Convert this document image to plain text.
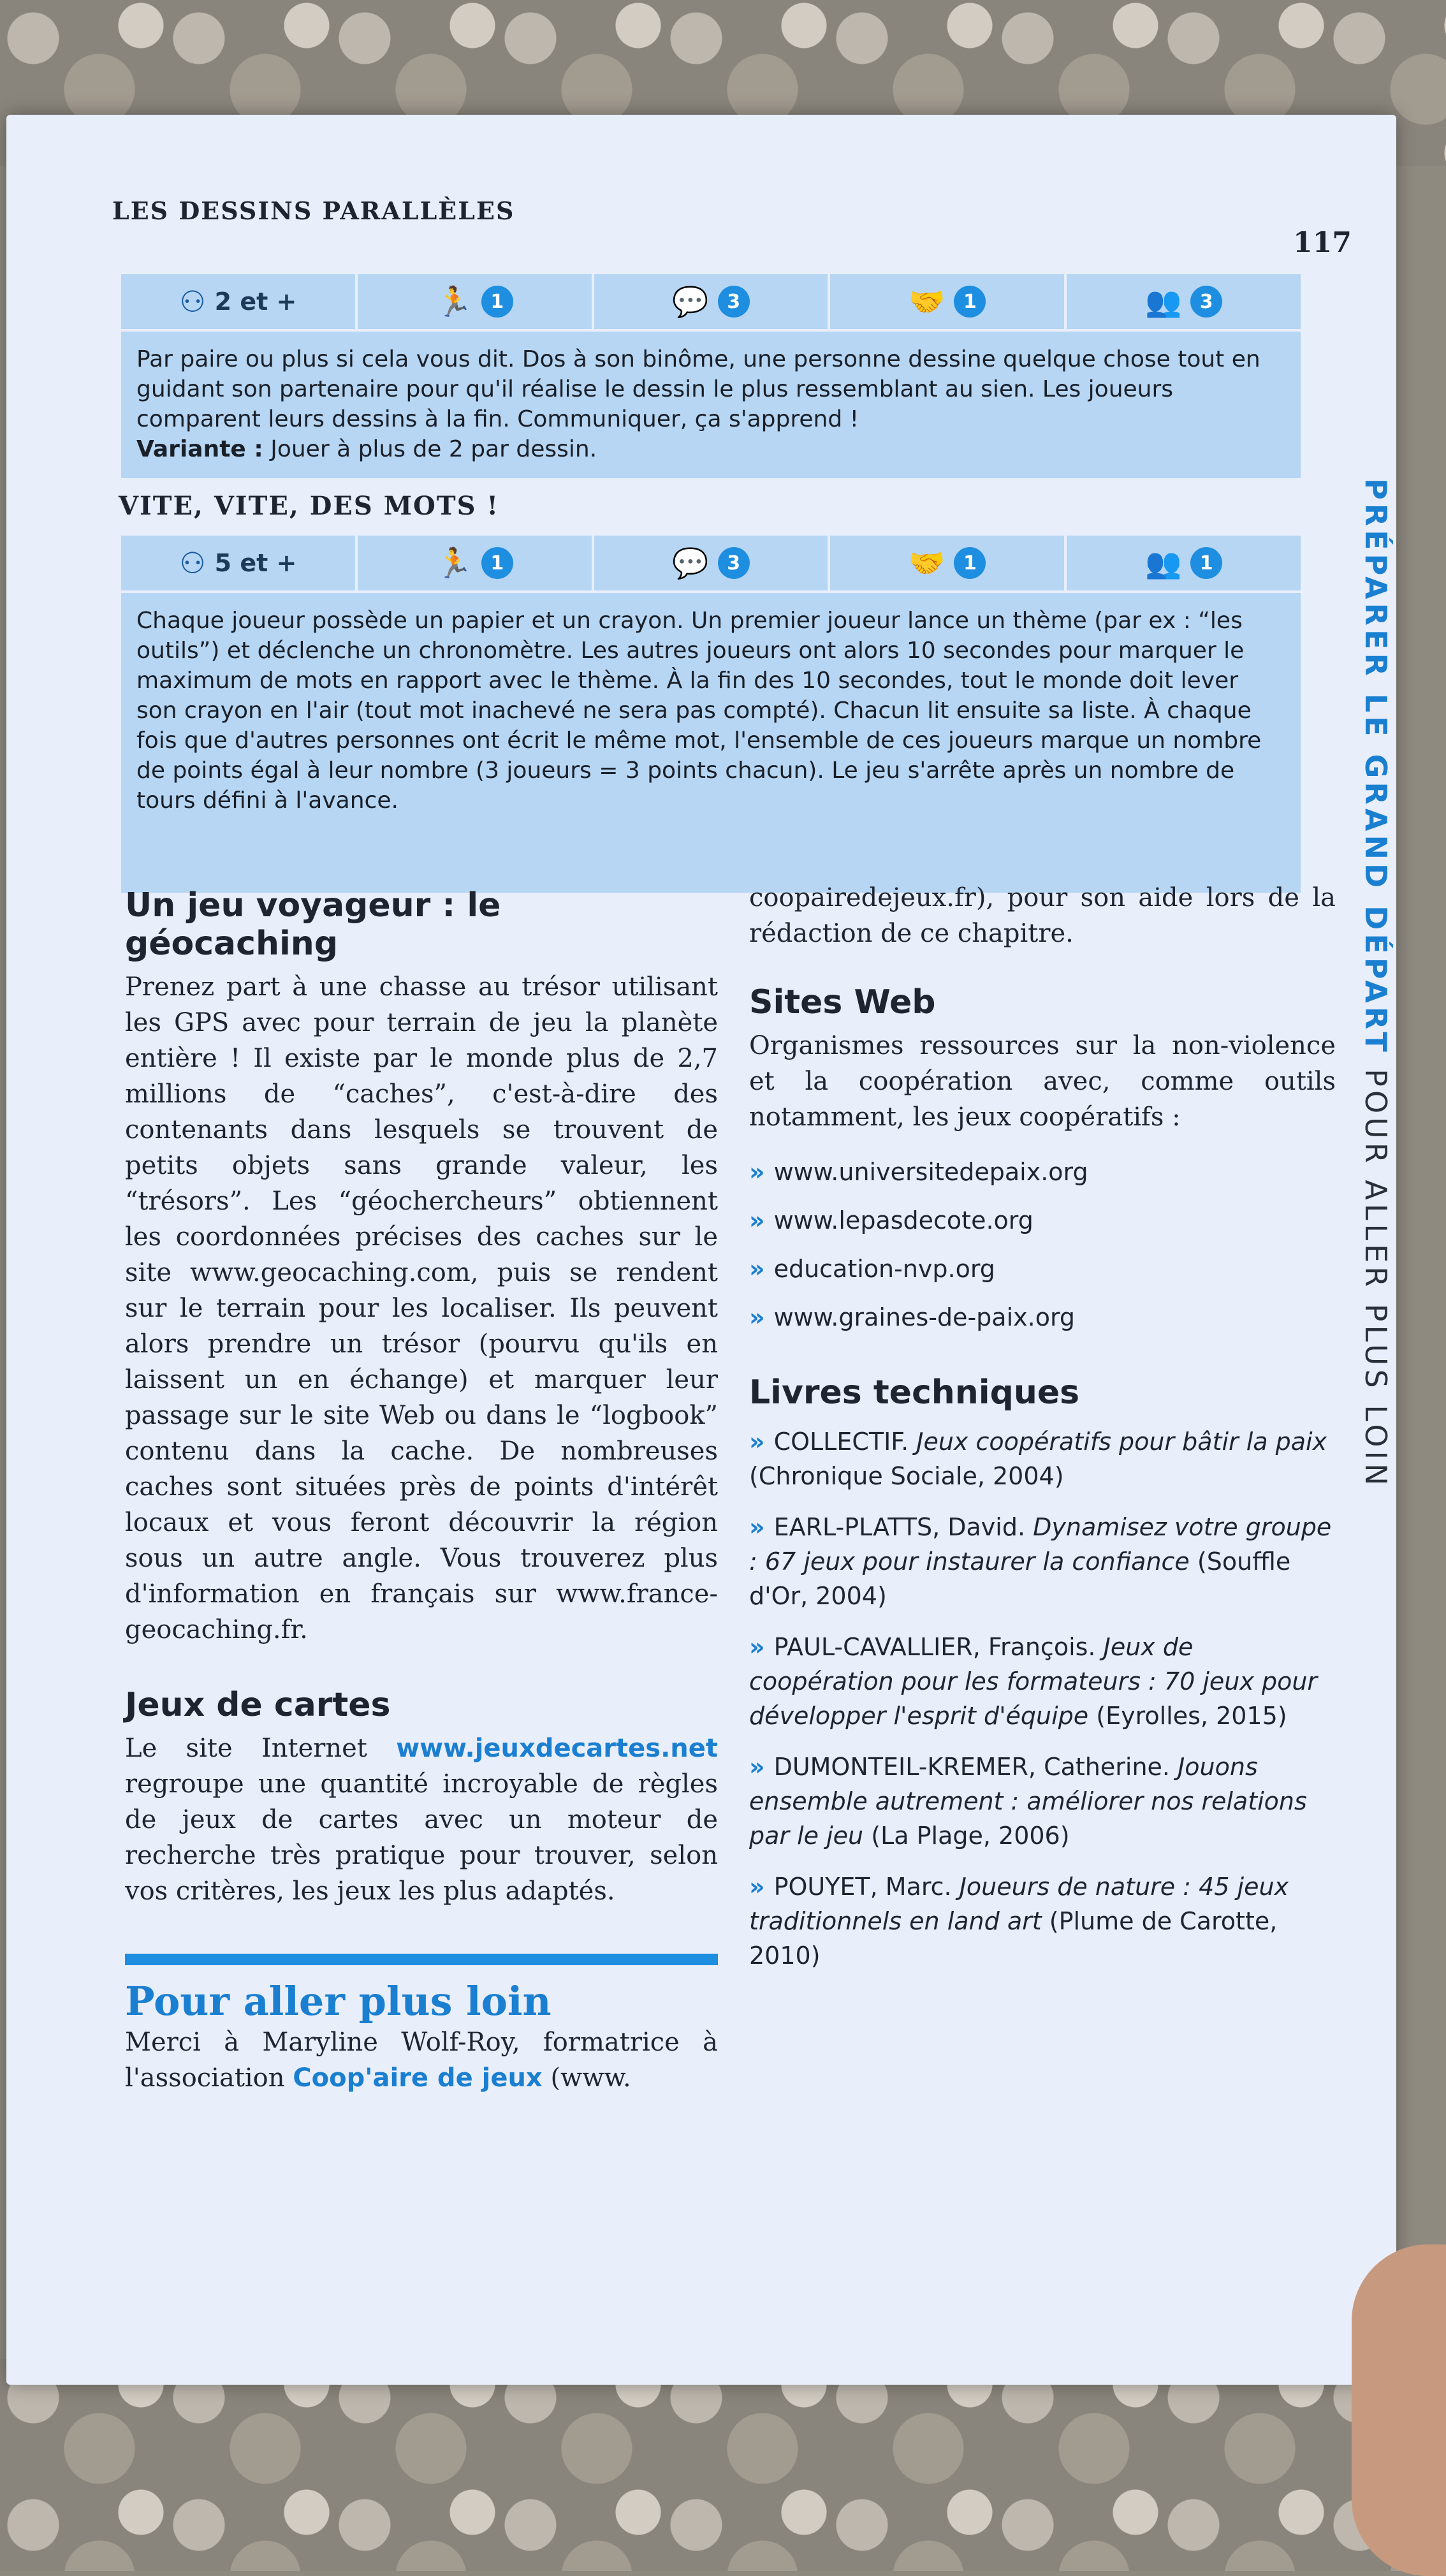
LES DESSINS PARALLÈLES
117
PRÉPARER LE GRAND DÉPART POUR ALLER PLUS LOIN
⚇ 2 et +	🏃 1	💬 3	🤝 1	👥 3
Par paire ou plus si cela vous dit. Dos à son binôme, une personne dessine quelque chose tout en guidant son partenaire pour qu'il réalise le dessin le plus ressemblant au sien. Les joueurs comparent leurs dessins à la fin. Communiquer, ça s'apprend !
Variante : Jouer à plus de 2 par dessin.
VITE, VITE, DES MOTS !
⚇ 5 et +	🏃 1	💬 3	🤝 1	👥 1
Chaque joueur possède un papier et un crayon. Un premier joueur lance un thème (par ex : “les outils”) et déclenche un chronomètre. Les autres joueurs ont alors 10 secondes pour marquer le maximum de mots en rapport avec le thème. À la fin des 10 secondes, tout le monde doit lever son crayon en l'air (tout mot inachevé ne sera pas compté). Chacun lit ensuite sa liste. À chaque fois que d'autres personnes ont écrit le même mot, l'ensemble de ces joueurs marque un nombre de points égal à leur nombre (3 joueurs = 3 points chacun). Le jeu s'arrête après un nombre de tours défini à l'avance.
Un jeu voyageur : le géocaching
Prenez part à une chasse au trésor utilisant les GPS avec pour terrain de jeu la planète entière ! Il existe par le monde plus de 2,7 millions de “caches”, c'est-à-dire des contenants dans lesquels se trouvent de petits objets sans grande valeur, les “trésors”. Les “géochercheurs” obtiennent les coordonnées précises des caches sur le site www.geocaching.com, puis se rendent sur le terrain pour les localiser. Ils peuvent alors prendre un trésor (pourvu qu'ils en laissent un en échange) et marquer leur passage sur le site Web ou dans le “logbook” contenu dans la cache. De nombreuses caches sont situées près de points d'intérêt locaux et vous feront découvrir la région sous un autre angle. Vous trouverez plus d'information en français sur www.france-geocaching.fr.
Jeux de cartes
Le site Internet www.jeuxdecartes.net regroupe une quantité incroyable de règles de jeux de cartes avec un moteur de recherche très pratique pour trouver, selon vos critères, les jeux les plus adaptés.
Pour aller plus loin
Merci à Maryline Wolf-Roy, formatrice à l'association Coop'aire de jeux (www.
coopairedejeux.fr), pour son aide lors de la rédaction de ce chapitre.
Sites Web
Organismes ressources sur la non-violence et la coopération avec, comme outils notamment, les jeux coopératifs :
» www.universitedepaix.org
» www.lepasdecote.org
» education-nvp.org
» www.graines-de-paix.org
Livres techniques
» COLLECTIF. Jeux coopératifs pour bâtir la paix (Chronique Sociale, 2004)
» EARL-PLATTS, David. Dynamisez votre groupe : 67 jeux pour instaurer la confiance (Souffle d'Or, 2004)
» PAUL-CAVALLIER, François. Jeux de coopération pour les formateurs : 70 jeux pour développer l'esprit d'équipe (Eyrolles, 2015)
» DUMONTEIL-KREMER, Catherine. Jouons ensemble autrement : améliorer nos relations par le jeu (La Plage, 2006)
» POUYET, Marc. Joueurs de nature : 45 jeux traditionnels en land art (Plume de Carotte, 2010)
